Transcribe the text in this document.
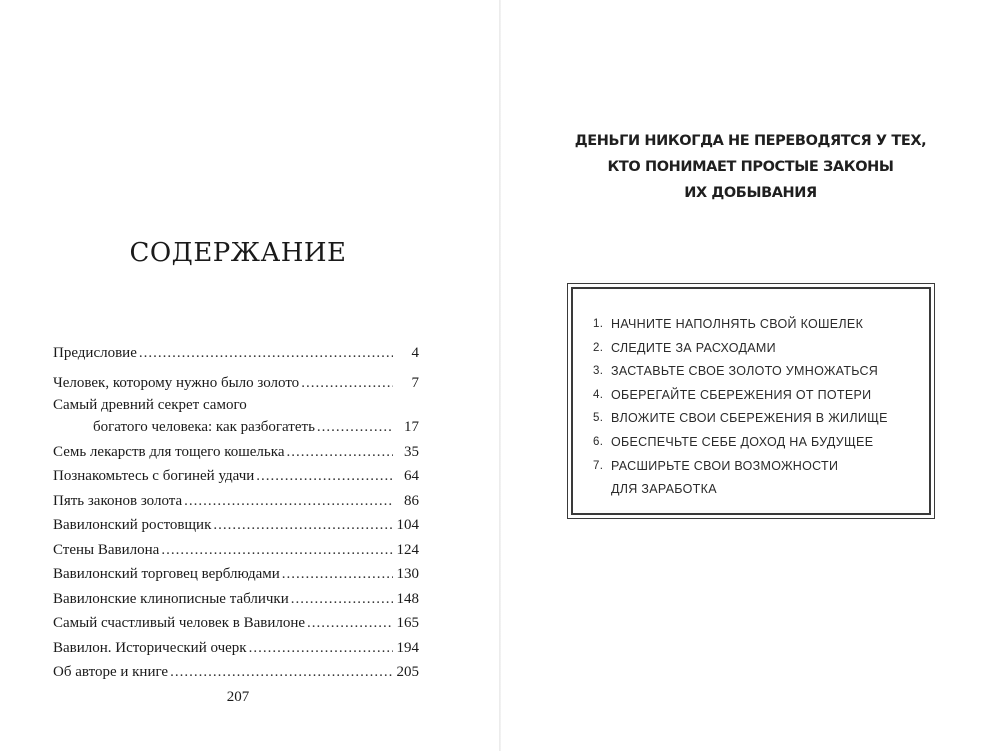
СОДЕРЖАНИЕ
Предисловие .....	4
Человек, которому нужно было золото .....	7
Самый древний секрет самого
богатого человека: как разбогатеть .....	17
Семь лекарств для тощего кошелька .....	35
Познакомьтесь с богиней удачи .....	64
Пять законов золота .....	86
Вавилонский ростовщик .....	104
Стены Вавилона .....	124
Вавилонский торговец верблюдами .....	130
Вавилонские клинописные таблички .....	148
Самый счастливый человек в Вавилоне .....	165
Вавилон. Исторический очерк .....	194
Об авторе и книге .....	205
207
ДЕНЬГИ НИКОГДА НЕ ПЕРЕВОДЯТСЯ У ТЕХ,
КТО ПОНИМАЕТ ПРОСТЫЕ ЗАКОНЫ
ИХ ДОБЫВАНИЯ
1. НАЧНИТЕ НАПОЛНЯТЬ СВОЙ КОШЕЛЕК
2. СЛЕДИТЕ ЗА РАСХОДАМИ
3. ЗАСТАВЬТЕ СВОЕ ЗОЛОТО УМНОЖАТЬСЯ
4. ОБЕРЕГАЙТЕ СБЕРЕЖЕНИЯ ОТ ПОТЕРИ
5. ВЛОЖИТЕ СВОИ СБЕРЕЖЕНИЯ В ЖИЛИЩЕ
6. ОБЕСПЕЧЬТЕ СЕБЕ ДОХОД НА БУДУЩЕЕ
7. РАСШИРЬТЕ СВОИ ВОЗМОЖНОСТИ
ДЛЯ ЗАРАБОТКА
